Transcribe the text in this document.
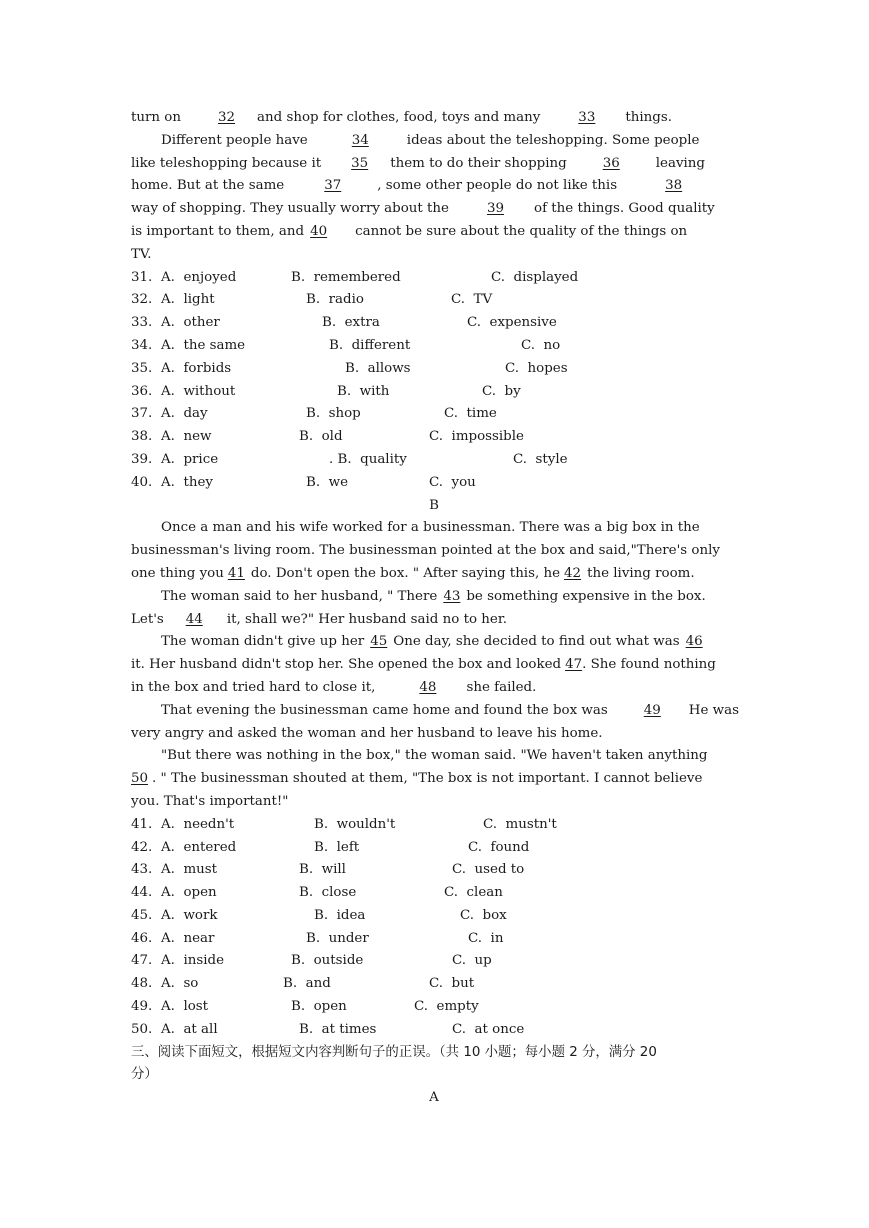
turn on	32 and shop for clothes, food, toys and many	33 things.
Different people have	34	ideas about the teleshopping. Some people
like teleshopping because it 35 them to do their shopping	36	leaving
home. But at the same	37	, some other people do not like this	38
way of shopping. They usually worry about the	39 of the things. Good quality
is important to them, and 40 cannot be sure about the quality of the things on
TV.
31. A.  enjoyed	B.  remembered	C.  displayed
32. A.  light	B.  radio	C.  TV
33. A.  other	B.  extra	C.  expensive
34. A.  the same	B.  different	C.  no
35. A.  forbids	B.  allows	C.  hopes
36. A.  without	B.  with	C.  by
37. A.  day	B.  shop	C.  time
38. A.  new	B.  old	C.  impossible
39. A.  price	. B.  quality	C.  style
40. A.  they	B.  we	C.  you
B
Once a man and his wife worked for a businessman. There was a big box in the
businessman's living room. The businessman pointed at the box and said,"There's only
one thing you 41 do. Don't open the box. " After saying this, he 42 the living room.
The woman said to her husband, " There 43 be something expensive in the box.
Let's 44 it, shall we?" Her husband said no to her.
The woman didn't give up her 45 One day, she decided to find out what was 46
it. Her husband didn't stop her. She opened the box and looked 47. She found nothing
in the box and tried hard to close it,	48 she failed.
That evening the businessman came home and found the box was	49 He was
very angry and asked the woman and her husband to leave his home.
"But there was nothing in the box," the woman said. "We haven't taken anything
50 . " The businessman shouted at them, "The box is not important. I cannot believe
you. That's important!"
41. A.  needn't	B.  wouldn't	C.  mustn't
42. A.  entered	B.  left	C.  found
43. A.  must	B.  will	C.  used to
44. A.  open	B.  close	C.  clean
45. A.  work	B.  idea	C.  box
46. A.  near	B.  under	C.  in
47. A.  inside	B.  outside	C.  up
48. A.  so	B.  and	C.  but
49. A.  lost	B.  open	C.  empty
50. A.  at all	B.  at times	C.  at once
三、阅读下面短文，根据短文内容判断句子的正误。（共 10 小题；每小题 2 分，满分 20
分）
A
